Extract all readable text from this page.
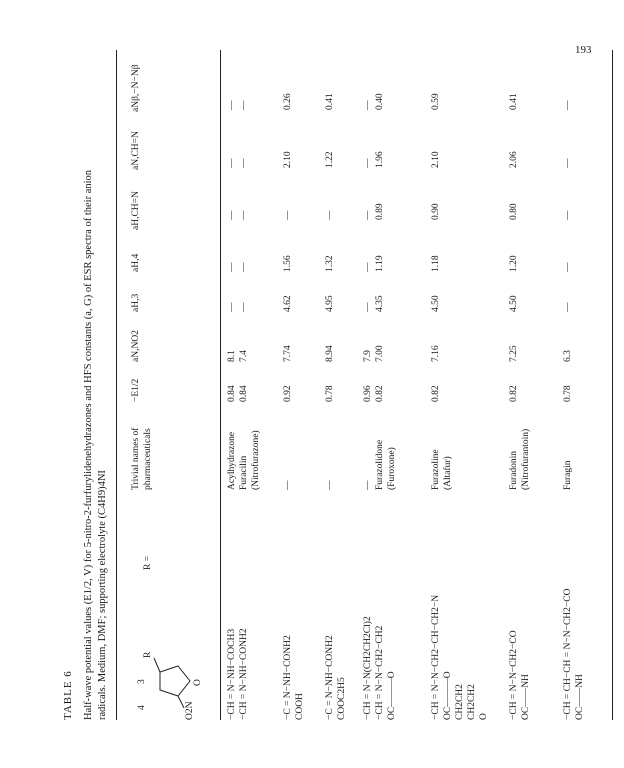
193
TABLE 6 Half-wave potential values (E1/2, V) for 5-nitro-2-furfurylidenehydrazones and HFS constants (a, G) of ESR spectra of their anion radicals. Medium, DMF; supporting electrolyte (C4H9)4NI	4
3
R
O
O2N
R =
Trivial names of pharmaceuticals
−E1/2
aN,NO2
aH,3
aH,4
aH,CH=N
aN,CH=N
aNβ,−N−Nβ
−CH = N−NH−COCH3 −CH = N−NH−CONH2
Acylhydrazone Furacilin (Nitrofurazone)
0.84 0.84
8.1 7.4
— —
— —
— —
— —
— —
−C = N−NH−CONH2 COOH
—
0.92
7.74
4.62
1.56
—
2.10
0.26
−C = N−NH−CONH2 COOC2H5
—
0.78
8.94
4.95
1.32
—
1.22
0.41
−CH = N−N(CH2CH2Cl)2 −CH = N−N−CH2−CH2 OC———O
— Furazolidone (Furoxone)
0.96 0.82
7.9 7.00
— 4.35
— 1.19
— 0.89
— 1.96
— 0.40
−CH = N−N−CH2−CH−CH2−N OC———O CH2CH2 CH2CH2 O
Furazoline (Altafur)
0.82
7.16
4.50
1.18
0.90
2.10
0.59
−CH = N−N−CH2−CO OC——NH
Furadonin (Nitrofurantoin)
0.82
7.25
4.50
1.20
0.80
2.06
0.41
−CH = CH−CH = N−N−CH2−CO OC——NH
Furagin
0.78
6.3
—
—
—
—
—
